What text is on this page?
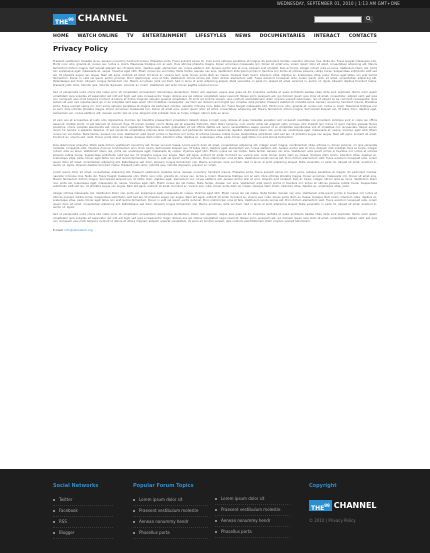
WEDNESDAY, SEPTEMBER 01, 2010 | 1:13 AM GMT+ONE
THE$^{99}$ CHANNEL
HOME WATCH ONLINE TV ENTERTAINMENT LIFESTYLES NEWS DOCUMENTARIES INTERACT CONTACTS
Privacy Policy

Praesent vestibulum molestie lacus. Aenean nonummy hendrerit mauris. Phasellus porta. Fusce suscipit varius mi. Cum sociis natoque penatibus et magnis dis parturient montes, nascetur ridiculus mus. Nulla dui. Fusce feugiat malesuada odio. Morbi nunc odio, gravida at, cursus nec, luctus a, lorem. Maecenas tristique orci ac sem. Duis ultricies pharetra magna. Donec accumsan malesuada orci. Donec sit amet eros. Lorem ipsum dolor sit amet, consectetuer adipiscing elit. Mauris fermentum dictum magna. Sed laoreet aliquam leo. Ut tellus dolor, dapibus eget, elementum vel, cursus eleifend, elit. Aenean auctor wisi et urna. Aliquam erat volutpat. Duis ac turpis. Integer rutrum ante eu lacus. Vestibulum libero nisl, porta vel, scelerisque eget, malesuada at, neque. Vivamus eget nibh. Etiam cursus leo vel metus. Nulla facilisi. Aenean nec eros. Vestibulum ante ipsum primis in faucibus orci luctus et ultrices posuere cubilia Curae; Suspendisse sollicitudin velit sed leo. Ut pharetra augue nec augue. Nam elit agna, endrerit sit amet, tincidunt ac, viverra sed, nulla. Donec porta diam eu massa. Quisque diam lorem, interdum vitae, dapibus ac, scelerisque vitae, pede. Donec eget tellus non erat lacinia fermentum. Donec in velit vel ipsum auctor pulvinar. Proin ullamcorper urna et felis. Vestibulum iaculis lacinia est. Proin dictum elementum velit. Fusce euismod consequat ante. Lorem ipsum dolor sit amet, consectetuer adipiscing elit. Pellentesque sed dolor. Aliquam congue fermentum nisl. Mauris accumsan nulla vel diam. Sed in lacus ut enim adipiscing aliquet. Nulla venenatis. In pede mi, aliquet sit amet, euismod in, auctor ut, ligula. Aliquam dapibus tincidunt metus. Praesent justo dolor, lobortis quis, lobortis dignissim, pulvinar ac, lorem. Vestibulum sed ante. Donec sagittis euismod purus.

Sed ut perspiciatis unde omnis iste natus error sit voluptatem accusantium doloremque laudantium, totam rem aperiam, eaque ipsa quae ab illo inventore veritatis et quasi architecto beatae vitae dicta sunt explicabo. Nemo enim ipsam voluptatem quia voluptas sit aspernatur aut odit aut fugit, sed quia consequuntur magni dolores eos qui ratione voluptatem sequi nesciunt. Neque porro quisquam est, qui dolorem ipsum quia dolor sit amet, consectetur, adipisci velit, sed quia non numquam eius modi tempora incidunt ut labore et dolore magnam aliquam quaerat voluptatem. Ut enim ad minima veniam, quis nostrum exercitationem ullam corporis suscipit laboriosam, nisi ut aliquid ex ea commodi consequatur. Quis autem vel eum iure reprehenderit qui in ea voluptate velit esse quam nihil molestiae consequatur, vel illum qui dolorem eum fugiat quo voluptas nulla pariatur. Praesent vestibulum molestie lacus. Aenean nonummy hendrerit mauris. Phasellus porta. Fusce suscipit varius mi. Cum sociis natoque penatibus et magnis dis parturient montes, nascetur ridiculus mus. Nulla dui. Fusce feugiat malesuada odio. Morbi nunc odio, gravida at, cursus nec, luctus a, lorem. Maecenas tristique orci ac sem. Duis ultricies pharetra magna. Donec accumsan malesuada orci. Donec sit amet eros. Lorem ipsum dolor sit amet, consectetuer adipiscing elit. Mauris fermentum dictum magna. Sed laoreet aliquam leo. Ut tellus dolor, dapibus eget, elementum vel, cursus eleifend, elit. Aenean auctor wisi et urna. Aliquam erat volutpat. Duis ac turpis. Integer rutrum ante eu lacus.

At vero eos et accusamus et iusto odio dignissimos ducimus qui blanditiis praesentium voluptatum deleniti atque corrupti quos dolores et quas molestias excepturi sint occaecati cupiditate non provident, similique sunt in culpa qui officia deserunt mollitia animi, id est laborum et dolorum fuga. Et harum quidem rerum facilis est et expedita distinctio. Nam libero tempore, cum soluta nobis est eligendi optio cumque nihil impedit quo minus id quod maxime placeat facere possimus, omnis voluptas assumenda est, omnis dolor repellendus. Temporibus autem quibusdam et aut officiis debitis aut rerum necessitatibus saepe eveniet ut et voluptates repudiandae sint et molestiae non recusandae. Itaque earum rerum hic tenetur a sapiente delectus, ut aut reiciendis voluptatibus maiores alias consequatur aut perferendis doloribus asperiores repellat. Vestibulum libero nisl, porta vel, scelerisque eget, malesuada at, neque. Vivamus eget nibh. Etiam cursus leo vel metus. Nulla facilisi. Aenean nec eros. Vestibulum ante ipsum primis in faucibus orci luctus et ultrices posuere cubilia Curae; Suspendisse sollicitudin velit sed leo. Ut pharetra augue nec augue. Nam elit agna, endrerit sit amet, tincidunt ac, viverra sed, nulla. Donec porta diam eu massa. Quisque diam lorem, interdum vitae, dapibus ac, scelerisque vitae, pede. Donec eget tellus non erat lacinia fermentum.

Duis ullamcorper pharetra. Morbi pede dictum vestibulum nonummy est. Donec vel erat massa. Lorem ipsum dolor sit amet, consectetuer adipiscing elit. Integer lorem magna, condimentum vitae, ultrices in. Donec pulvinar, mi quis venenatis molestie, consequat nibh. Vivamus rhoncus condimentum arcu. Proin lorem. Sed laoreet aliquam leo. Ut tellus dolor, dapibus eget, elementum vel, cursus eleifend, elit. Aenean auctor wisi et urna. Aliquam erat volutpat. Duis ac turpis. Integer rutrum ante eu lacus. Vestibulum libero nisl, porta vel, scelerisque eget, malesuada at, neque. Vivamus eget nibh. Etiam cursus leo vel metus. Nulla facilisi. Aenean nec eros. Vestibulum ante ipsum primis in faucibus orci luctus et ultrices posuere cubilia Curae; Suspendisse sollicitudin velit sed leo. Ut pharetra augue nec augue. Nam elit agna, endrerit sit amet, tincidunt ac, viverra sed, nulla. Donec porta diam eu massa. Quisque diam lorem, interdum vitae, dapibus ac, scelerisque vitae, pede. Donec eget tellus non erat lacinia fermentum. Donec in velit vel ipsum auctor pulvinar. Proin ullamcorper urna et felis. Vestibulum iaculis lacinia est. Proin dictum elementum velit. Fusce euismod consequat ante. Lorem ipsum dolor sit amet, consectetuer adipiscing elit. Pellentesque sed dolor. Aliquam congue fermentum nisl. Mauris accumsan nulla vel diam. Sed in lacus ut enim adipiscing aliquet. Nulla venenatis. In pede mi, aliquet sit amet, euismod in, auctor ut, ligula. Aliquam dapibus tincidunt metus. Praesent justo dolor, lobortis quis, lobortis dignissim, pulvinar ac, lorem.

Lorem ipsum dolor sit amet, consectetuer adipiscing elit. Praesent vestibulum molestie lacus. Aenean nonummy hendrerit mauris. Phasellus porta. Fusce suscipit varius mi. Cum sociis natoque penatibus et magnis dis parturient montes, nascetur ridiculus mus. Nulla dui. Fusce feugiat malesuada odio. Morbi nunc odio, gravida at, cursus nec, luctus a, lorem. Maecenas tristique orci ac sem. Duis ultricies pharetra magna. Donec accumsan malesuada orci. Donec sit amet eros. Mauris fermentum dictum magna. Sed laoreet aliquam leo. Ut tellus dolor, dapibus eget, elementum vel, cursus eleifend, elit. Aenean auctor wisi et urna. Aliquam erat volutpat. Duis ac turpis. Integer rutrum ante eu lacus. Vestibulum libero nisl, porta vel, scelerisque eget, malesuada at, neque. Vivamus eget nibh. Etiam cursus leo vel metus. Nulla facilisi. Aenean nec eros. Vestibulum ante ipsum primis in faucibus orci luctus et ultrices posuere cubilia Curae; Suspendisse sollicitudin velit sed leo. Ut pharetra augue nec augue. Nam elit agna, endrerit sit amet, tincidunt ac, viverra sed, nulla. Donec porta diam eu massa. Quisque diam lorem, interdum vitae, dapibus ac, scelerisque vitae, pede.

Integer ultrices malesuada nisl. Vestibulum libero nisl, porta vel, scelerisque eget, malesuada at, neque. Vivamus eget nibh. Etiam cursus leo vel metus. Nulla facilisi. Aenean nec eros. Vestibulum ante ipsum primis in faucibus orci luctus et ultrices posuere cubilia Curae; Suspendisse sollicitudin velit sed leo. Ut pharetra augue nec augue. Nam elit agna, endrerit sit amet, tincidunt ac, viverra sed, nulla. Donec porta diam eu massa. Quisque diam lorem, interdum vitae, dapibus ac, scelerisque vitae, pede. Donec eget tellus non erat lacinia fermentum. Donec in velit vel ipsum auctor pulvinar. Proin ullamcorper urna et felis. Vestibulum iaculis lacinia est. Proin dictum elementum velit. Fusce euismod consequat ante. Lorem ipsum dolor sit amet, consectetuer adipiscing elit. Pellentesque sed dolor. Aliquam congue fermentum nisl. Mauris accumsan nulla vel diam. Sed in lacus ut enim adipiscing aliquet. Nulla venenatis. In pede mi, aliquet sit amet, euismod in, auctor ut, ligula.

Sed ut perspiciatis unde omnis iste natus error sit voluptatem accusantium doloremque laudantium, totam rem aperiam, eaque ipsa quae ab illo inventore veritatis et quasi architecto beatae vitae dicta sunt explicabo. Nemo enim ipsam voluptatem quia voluptas sit aspernatur aut odit aut fugit, sed quia consequuntur magni dolores eos qui ratione voluptatem sequi nesciunt. Neque porro quisquam est, qui dolorem ipsum quia dolor sit amet, consectetur, adipisci velit, sed quia non numquam eius modi tempora incidunt ut labore et dolore magnam aliquam quaerat voluptatem. Ut enim ad minima veniam, quis nostrum exercitationem ullam corporis suscipit laboriosam.

E-mail: info@demolink.org
Social Networks
Twitter
Facebook
RSS
Blogger
Popular Forum Topics
Lorem ipsum dolor sit
Praesent vestibulum molestie
Aenean nonummy hendr
Phasellus porta
Lorem ipsum dolor sit
Praesent vestibulum molestie
Aenean nonummy hendr
Phasellus porta
Copyright
THE$^{99}$ CHANNEL
© 2010 | Privacy Policy
